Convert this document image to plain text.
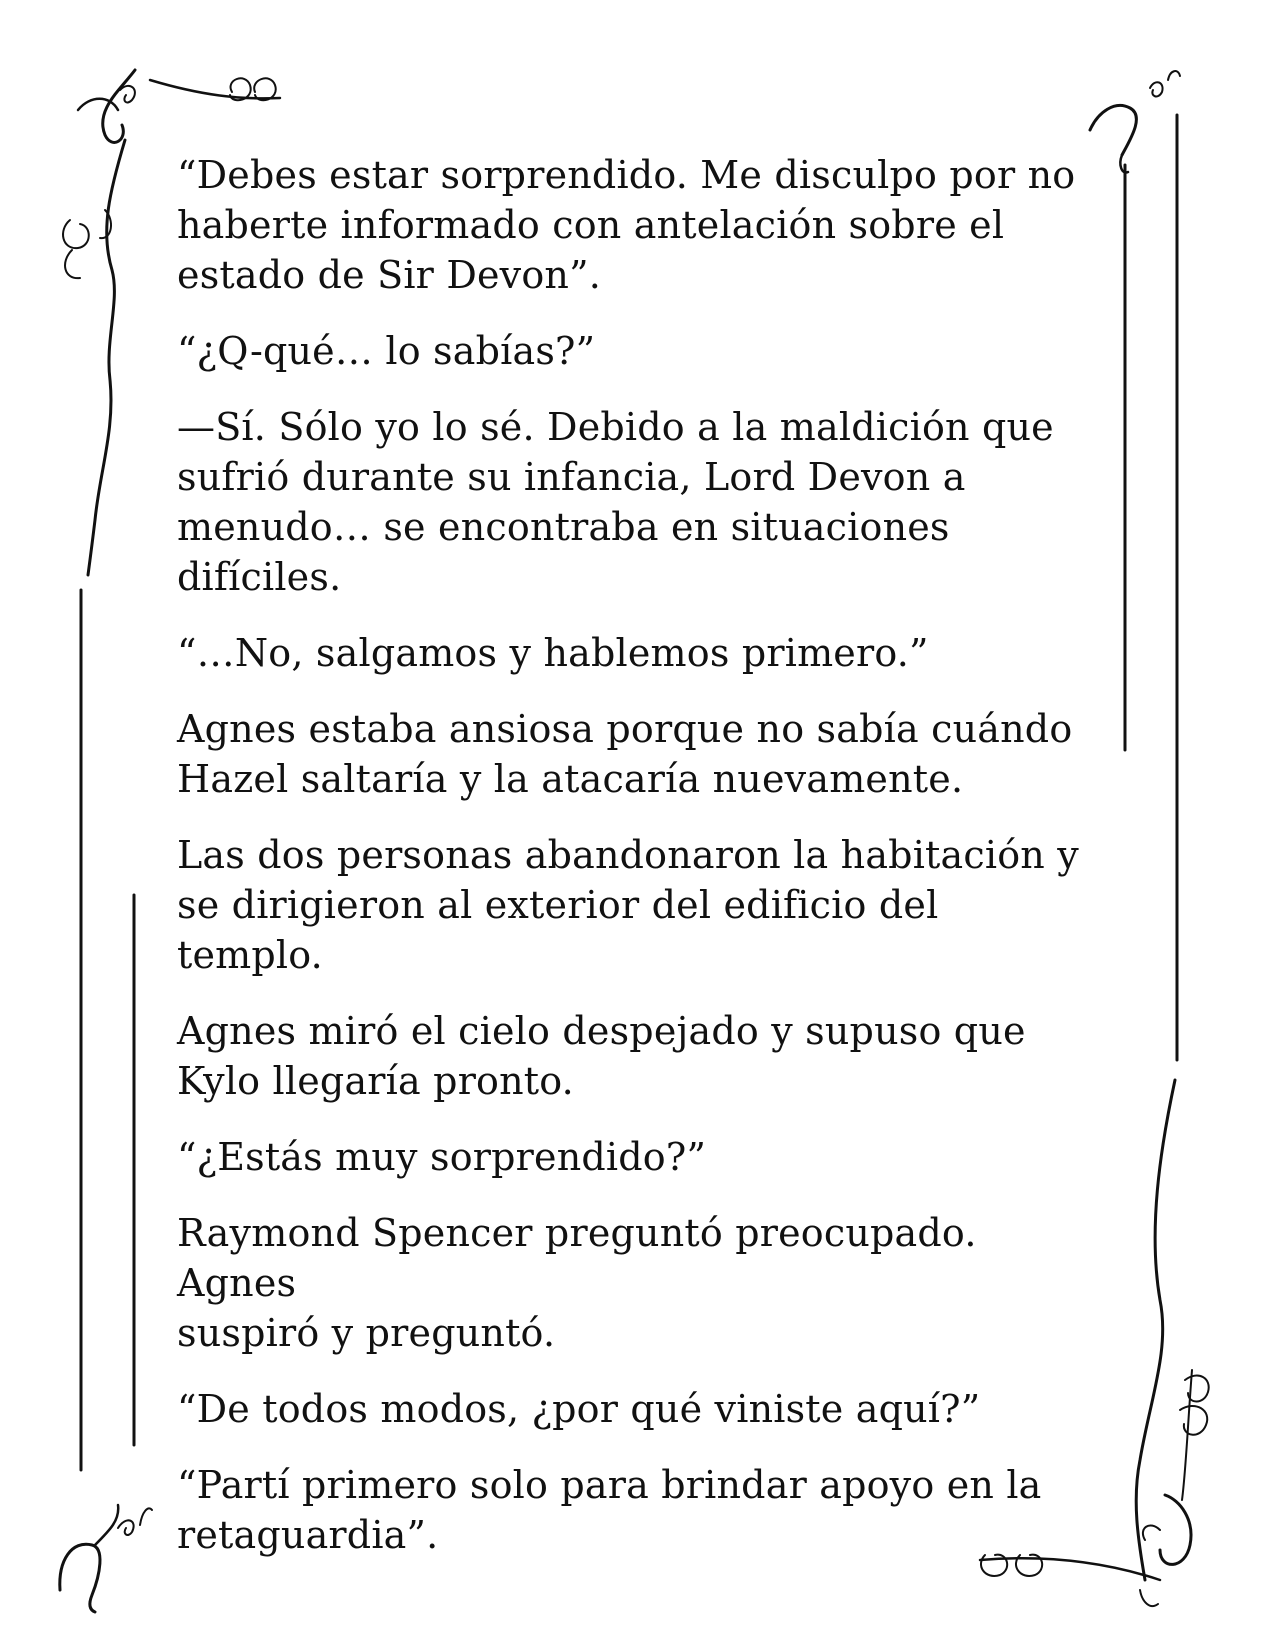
“Debes estar sorprendido. Me disculpo por no
haberte informado con antelación sobre el
estado de Sir Devon”.

“¿Q-qué… lo sabías?”

—Sí. Sólo yo lo sé. Debido a la maldición que
sufrió durante su infancia, Lord Devon a
menudo… se encontraba en situaciones
difíciles.

“…No, salgamos y hablemos primero.”

Agnes estaba ansiosa porque no sabía cuándo
Hazel saltaría y la atacaría nuevamente.

Las dos personas abandonaron la habitación y
se dirigieron al exterior del edificio del templo.

Agnes miró el cielo despejado y supuso que
Kylo llegaría pronto.

“¿Estás muy sorprendido?”

Raymond Spencer preguntó preocupado. Agnes
suspiró y preguntó.

“De todos modos, ¿por qué viniste aquí?”

“Partí primero solo para brindar apoyo en la
retaguardia”.
